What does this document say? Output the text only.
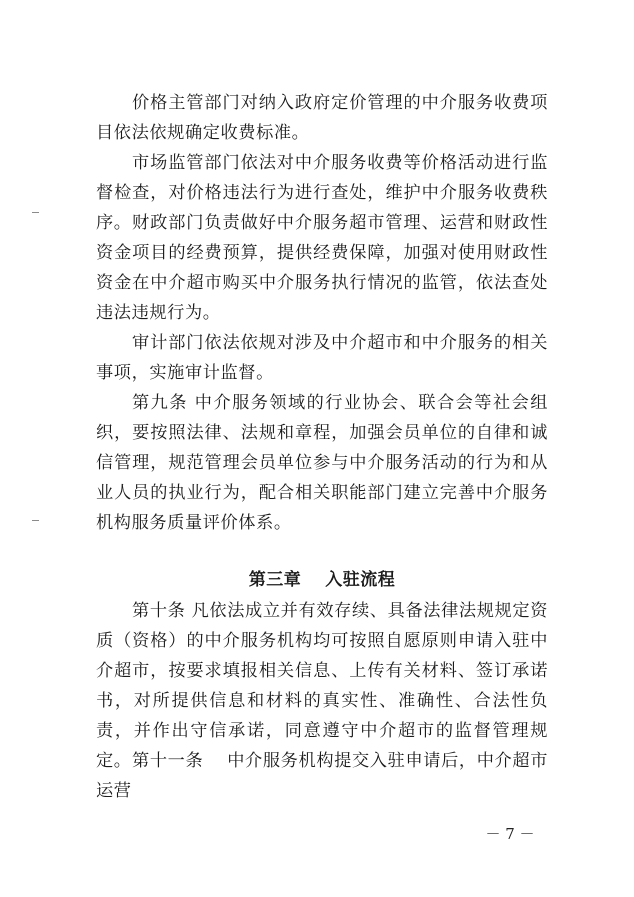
价格主管部门对纳入政府定价管理的中介服务收费项目依法依规确定收费标准。

市场监管部门依法对中介服务收费等价格活动进行监督检查，对价格违法行为进行查处，维护中介服务收费秩序。 财政部门负责做好中介服务超市管理、运营和财政性资金项目的经费预算，提供经费保障，加强对使用财政性资金在中介超市购买中介服务执行情况的监管，依法查处违法违规行为。

审计部门依法依规对涉及中介超市和中介服务的相关事项，实施审计监督。

第九条 中介服务领域的行业协会、联合会等社会组织，要按照法律、法规和章程，加强会员单位的自律和诚信管理，规范管理会员单位参与中介服务活动的行为和从业人员的执业行为，配合相关职能部门建立完善中介服务机构服务质量评价体系。

第三章　 入驻流程

第十条 凡依法成立并有效存续、具备法律法规规定资质（资格）的中介服务机构均可按照自愿原则申请入驻中介超市，按要求填报相关信息、上传有关材料、签订承诺书，对所提供信息和材料的真实性、准确性、合法性负责，并作出守信承诺，同意遵守中介超市的监督管理规定。 第十一条　 中介服务机构提交入驻申请后，中介超市运营

－ 7 －
